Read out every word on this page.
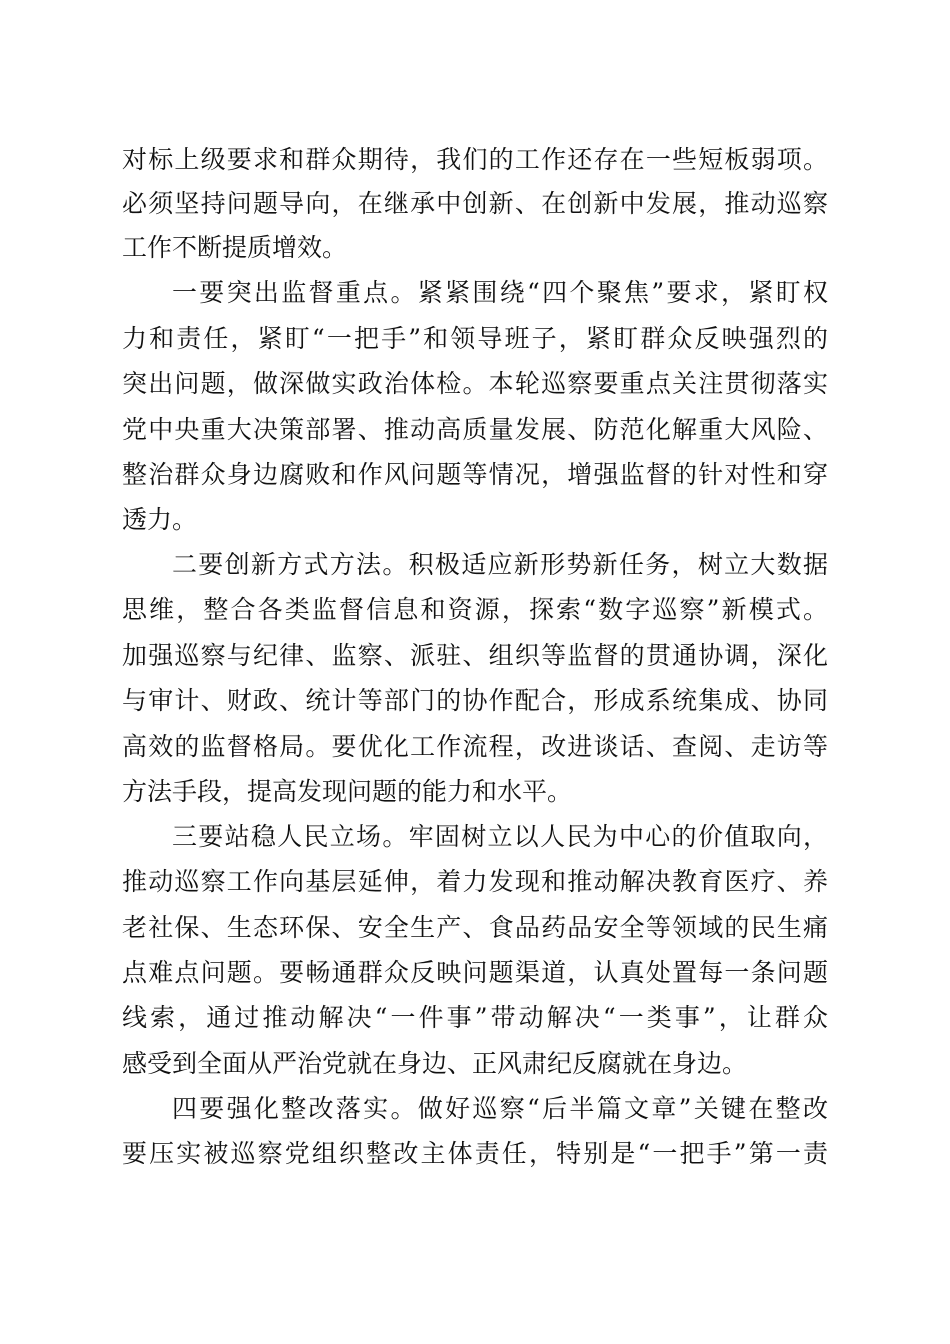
对标上级要求和群众期待，我们的工作还存在一些短板弱项。
必须坚持问题导向，在继承中创新、在创新中发展，推动巡察
工作不断提质增效。
一要突出监督重点。紧紧围绕“四个聚焦”要求，紧盯权
力和责任，紧盯“一把手”和领导班子，紧盯群众反映强烈的
突出问题，做深做实政治体检。本轮巡察要重点关注贯彻落实
党中央重大决策部署、推动高质量发展、防范化解重大风险、
整治群众身边腐败和作风问题等情况，增强监督的针对性和穿
透力。
二要创新方式方法。积极适应新形势新任务，树立大数据
思维，整合各类监督信息和资源，探索“数字巡察”新模式。
加强巡察与纪律、监察、派驻、组织等监督的贯通协调，深化
与审计、财政、统计等部门的协作配合，形成系统集成、协同
高效的监督格局。要优化工作流程，改进谈话、查阅、走访等
方法手段，提高发现问题的能力和水平。
三要站稳人民立场。牢固树立以人民为中心的价值取向，
推动巡察工作向基层延伸，着力发现和推动解决教育医疗、养
老社保、生态环保、安全生产、食品药品安全等领域的民生痛
点难点问题。要畅通群众反映问题渠道，认真处置每一条问题
线索，通过推动解决“一件事”带动解决“一类事”，让群众
感受到全面从严治党就在身边、正风肃纪反腐就在身边。
四要强化整改落实。做好巡察“后半篇文章”关键在整改
要压实被巡察党组织整改主体责任，特别是“一把手”第一责
